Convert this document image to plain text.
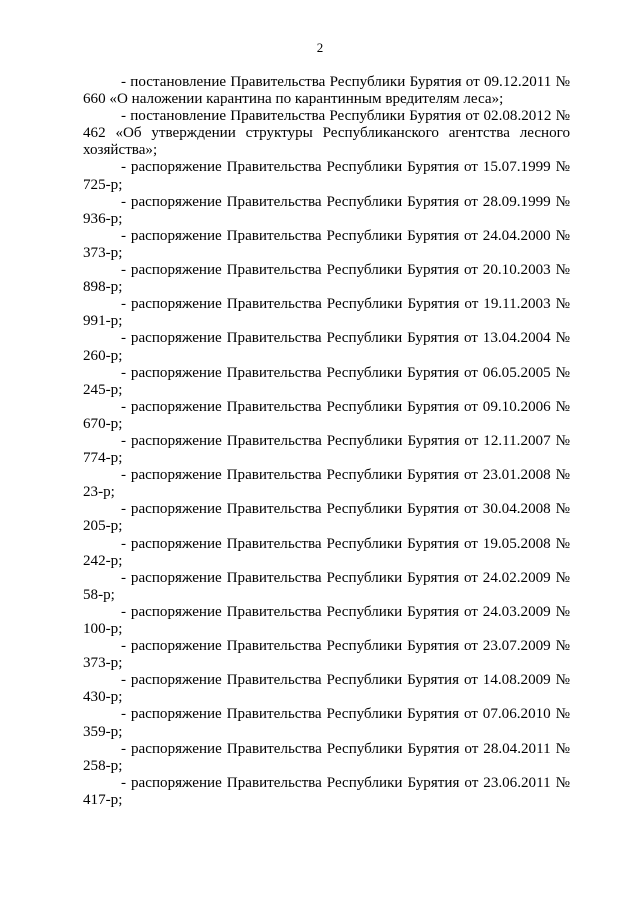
2

- постановление Правительства Республики Бурятия от 09.12.2011 № 660 «О наложении карантина по карантинным вредителям леса»;

- постановление Правительства Республики Бурятия от 02.08.2012 № 462 «Об утверждении структуры Республиканского агентства лесного хозяйства»;

- распоряжение Правительства Республики Бурятия от 15.07.1999 № 725-р;

- распоряжение Правительства Республики Бурятия от 28.09.1999 № 936-р;

- распоряжение Правительства Республики Бурятия от 24.04.2000 № 373-р;

- распоряжение Правительства Республики Бурятия от 20.10.2003 № 898-р;

- распоряжение Правительства Республики Бурятия от 19.11.2003 № 991-р;

- распоряжение Правительства Республики Бурятия от 13.04.2004 № 260-р;

- распоряжение Правительства Республики Бурятия от 06.05.2005 № 245-р;

- распоряжение Правительства Республики Бурятия от 09.10.2006 № 670-р;

- распоряжение Правительства Республики Бурятия от 12.11.2007 № 774-р;

- распоряжение Правительства Республики Бурятия от 23.01.2008 № 23-р;

- распоряжение Правительства Республики Бурятия от 30.04.2008 № 205-р;

- распоряжение Правительства Республики Бурятия от 19.05.2008 № 242-р;

- распоряжение Правительства Республики Бурятия от 24.02.2009 № 58-р;

- распоряжение Правительства Республики Бурятия от 24.03.2009 № 100-р;

- распоряжение Правительства Республики Бурятия от 23.07.2009 № 373-р;

- распоряжение Правительства Республики Бурятия от 14.08.2009 № 430-р;

- распоряжение Правительства Республики Бурятия от 07.06.2010 № 359-р;

- распоряжение Правительства Республики Бурятия от 28.04.2011 № 258-р;

- распоряжение Правительства Республики Бурятия от 23.06.2011 № 417-р;
